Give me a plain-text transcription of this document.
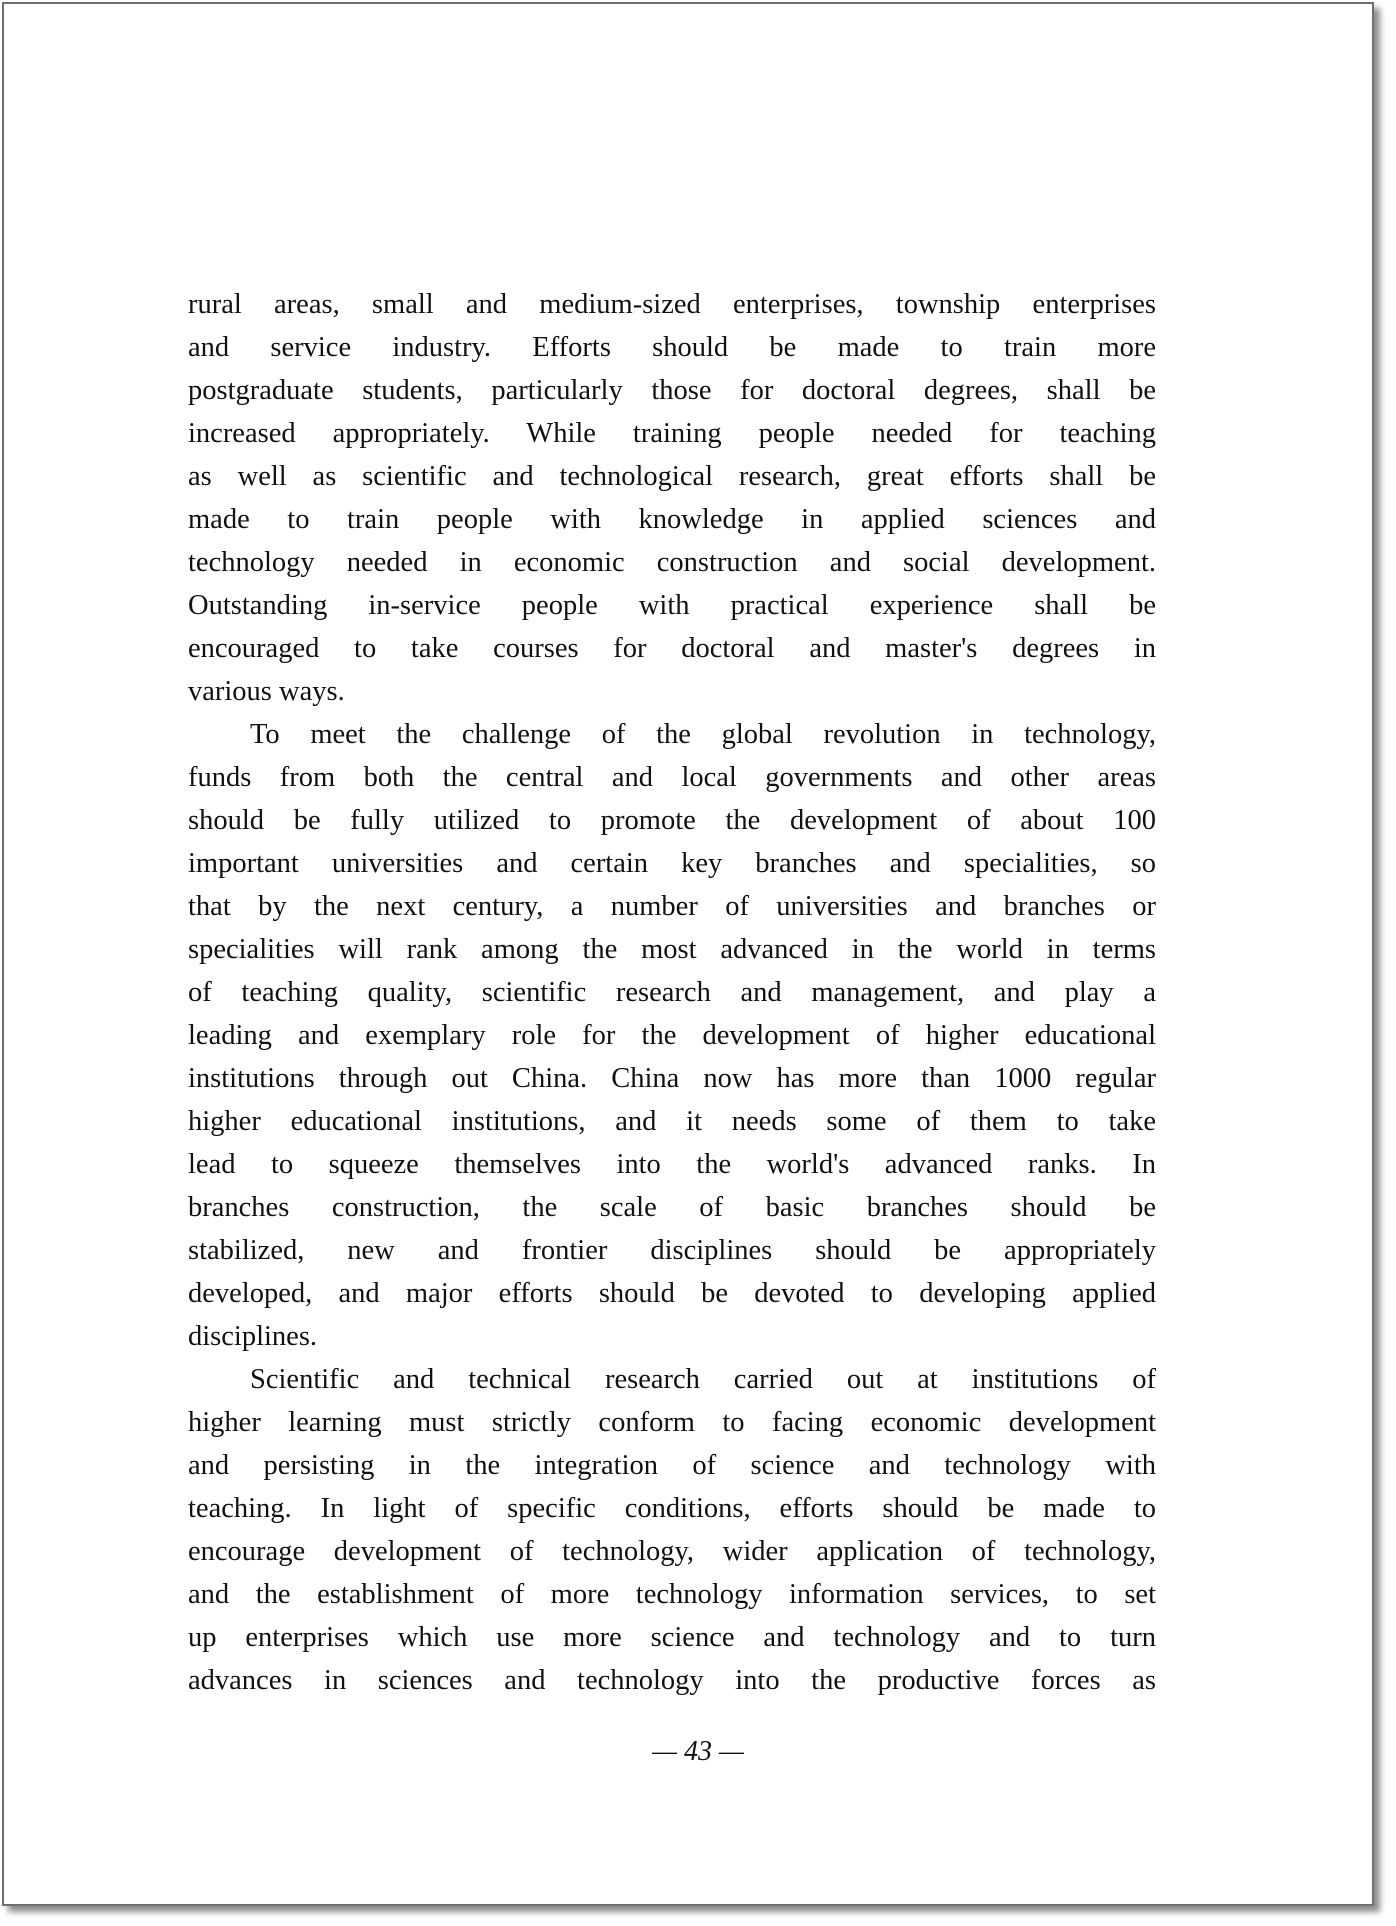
rural areas, small and medium-sized enterprises, township enterprises
and service industry. Efforts should be made to train more
postgraduate students, particularly those for doctoral degrees, shall be
increased appropriately. While training people needed for teaching
as well as scientific and technological research, great efforts shall be
made to train people with knowledge in applied sciences and
technology needed in economic construction and social development.
Outstanding in-service people with practical experience shall be
encouraged to take courses for doctoral and master's degrees in
various ways.

To meet the challenge of the global revolution in technology,
funds from both the central and local governments and other areas
should be fully utilized to promote the development of about 100
important universities and certain key branches and specialities, so
that by the next century, a number of universities and branches or
specialities will rank among the most advanced in the world in terms
of teaching quality, scientific research and management, and play a
leading and exemplary role for the development of higher educational
institutions through out China. China now has more than 1000 regular
higher educational institutions, and it needs some of them to take
lead to squeeze themselves into the world's advanced ranks. In
branches construction, the scale of basic branches should be
stabilized, new and frontier disciplines should be appropriately
developed, and major efforts should be devoted to developing applied
disciplines.

Scientific and technical research carried out at institutions of
higher learning must strictly conform to facing economic development
and persisting in the integration of science and technology with
teaching. In light of specific conditions, efforts should be made to
encourage development of technology, wider application of technology,
and the establishment of more technology information services, to set
up enterprises which use more science and technology and to turn
advances in sciences and technology into the productive forces as

— 43 —
